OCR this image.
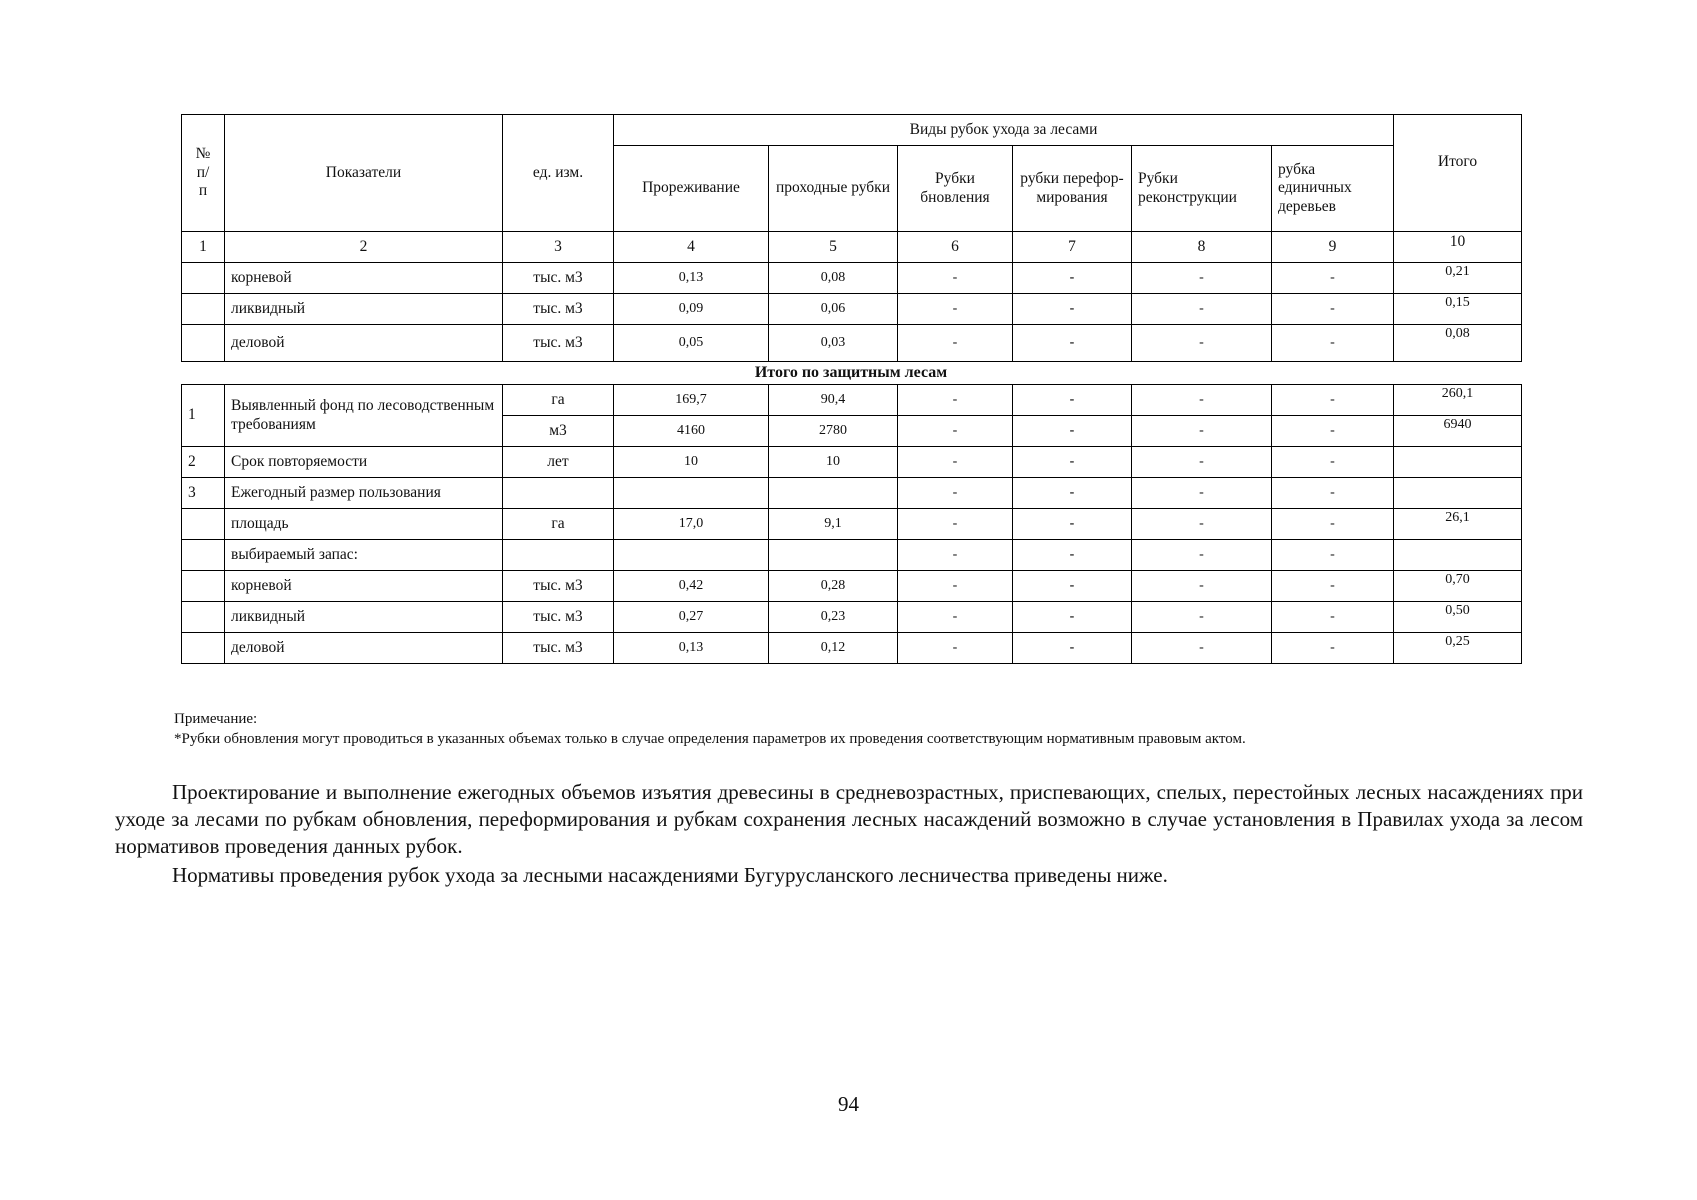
№ п/ п	Показатели	ед. изм.	Виды рубок ухода за лесами						Итого
			Прореживание	проходные рубки	Рубки бновления	рубки перефор-мирования	Рубки реконструкции	рубка единичных деревьев	
1	2	3	4	5	6	7	8	9	10
	корневой	тыс. м3	0,13	0,08	-	-	-	-	0,21
	ликвидный	тыс. м3	0,09	0,06	-	-	-	-	0,15
	деловой	тыс. м3	0,05	0,03	-	-	-	-	0,08
Итого по защитным лесам
1	Выявленный фонд по лесоводственным требованиям	га	169,7	90,4	-	-	-	-	260,1
		м3	4160	2780	-	-	-	-	6940
2	Срок повторяемости	лет	10	10	-	-	-	-	
3	Ежегодный размер пользования				-	-	-	-	
	площадь	га	17,0	9,1	-	-	-	-	26,1
	выбираемый запас:				-	-	-	-	
	корневой	тыс. м3	0,42	0,28	-	-	-	-	0,70
	ликвидный	тыс. м3	0,27	0,23	-	-	-	-	0,50
	деловой	тыс. м3	0,13	0,12	-	-	-	-	0,25
Примечание:
*Рубки обновления могут проводиться в указанных объемах только в случае определения параметров их проведения соответствующим нормативным правовым актом.

Проектирование и выполнение ежегодных объемов изъятия древесины в средневозрастных, приспевающих, спелых, перестойных лесных насаждениях при уходе за лесами по рубкам обновления, переформирования и рубкам сохранения лесных насаждений возможно в случае установления в Правилах ухода за лесом нормативов проведения данных рубок.

Нормативы проведения рубок ухода за лесными насаждениями Бугурусланского лесничества приведены ниже.

94
